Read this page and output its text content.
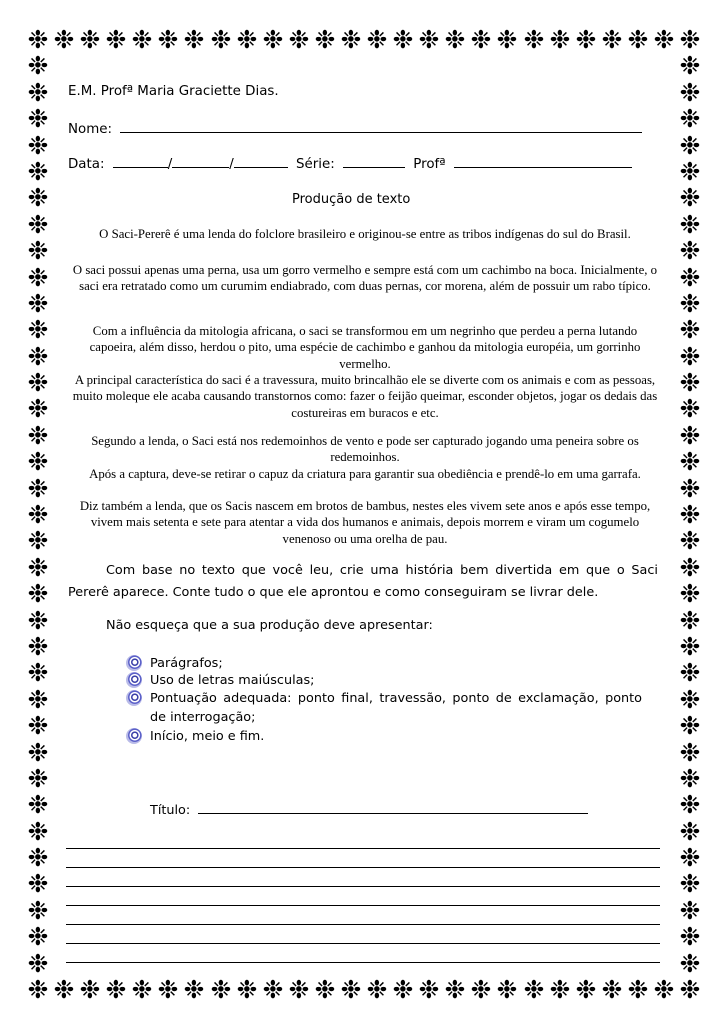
❉
❉
❉
❉
❉
❉
❉
❉
❉
❉
❉
❉
❉
❉
❉
❉
❉
❉
❉
❉
❉
❉
❉
❉
❉
❉
❉
❉
❉
❉
❉
❉
❉
❉
❉
❉
❉
❉
❉
❉
❉
❉
❉
❉
❉
❉
❉
❉
❉
❉
❉
❉
❉	❉
❉	❉
❉	❉
❉	❉
❉	❉
❉	❉
❉	❉
❉	❉
❉	❉
❉	❉
❉	❉
❉	❉
❉	❉
❉	❉
❉	❉
❉	❉
❉	❉
❉	❉
❉	❉
❉	❉
❉	❉
❉	❉
❉	❉
❉	❉
❉	❉
❉	❉
❉	❉
❉	❉
❉	❉
❉	❉
❉	❉
❉	❉
❉	❉
❉	❉
❉	❉
E.M. Profª Maria Graciette Dias.
Nome:
Data:	/	/	Série:	Profª
Produção de texto

O Saci-Pererê é uma lenda do folclore brasileiro e originou-se entre as tribos indígenas do sul do Brasil.

O saci possui apenas uma perna, usa um gorro vermelho e sempre está com um cachimbo na boca. Inicialmente, o saci era retratado como um curumim endiabrado, com duas pernas, cor morena, além de possuir um rabo típico.

Com a influência da mitologia africana, o saci se transformou em um negrinho que perdeu a perna lutando capoeira, além disso, herdou o pito, uma espécie de cachimbo e ganhou da mitologia européia, um gorrinho vermelho.

A principal característica do saci é a travessura, muito brincalhão ele se diverte com os animais e com as pessoas, muito moleque ele acaba causando transtornos como: fazer o feijão queimar, esconder objetos, jogar os dedais das costureiras em buracos e etc.

Segundo a lenda, o Saci está nos redemoinhos de vento e pode ser capturado jogando uma peneira sobre os redemoinhos.

Após a captura, deve-se retirar o capuz da criatura para garantir sua obediência e prendê-lo em uma garrafa.

Diz também a lenda, que os Sacis nascem em brotos de bambus, nestes eles vivem sete anos e após esse tempo, vivem mais setenta e sete para atentar a vida dos humanos e animais, depois morrem e viram um cogumelo venenoso ou uma orelha de pau.

Com base no texto que você leu, crie uma história bem divertida em que o Saci Pererê aparece. Conte tudo o que ele aprontou e como conseguiram se livrar dele.
Não esqueça que a sua produção deve apresentar:
Parágrafos;
Uso de letras maiúsculas;
Pontuação adequada: ponto final, travessão, ponto de exclamação, ponto de interrogação;
Início, meio e fim.
Título:
